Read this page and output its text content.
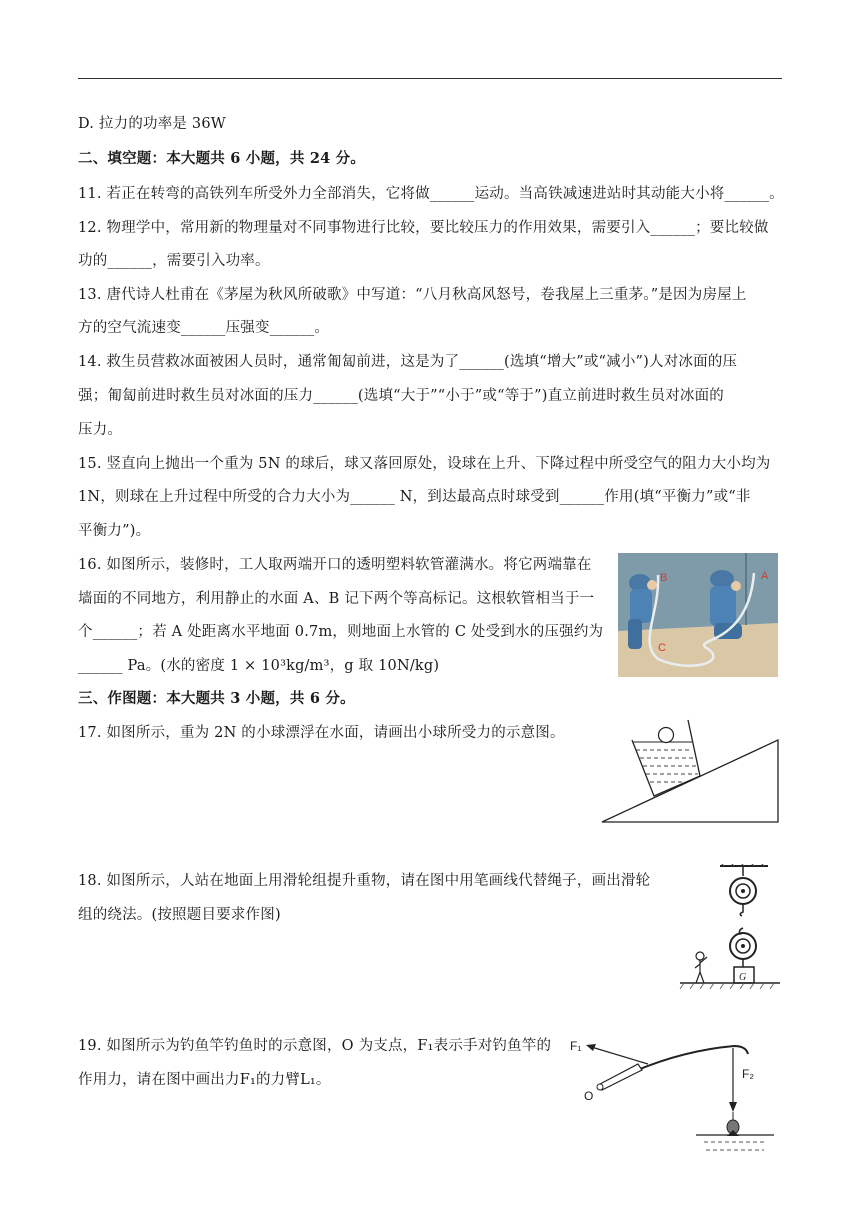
D. 拉力的功率是 36W
二、填空题：本大题共 6 小题，共 24 分。
11. 若正在转弯的高铁列车所受外力全部消失，它将做______运动。当高铁减速进站时其动能大小将______。
12. 物理学中，常用新的物理量对不同事物进行比较，要比较压力的作用效果，需要引入______；要比较做
功的______，需要引入功率。
13. 唐代诗人杜甫在《茅屋为秋风所破歌》中写道：“八月秋高风怒号，卷我屋上三重茅。”是因为房屋上
方的空气流速变______压强变______。
14. 救生员营救冰面被困人员时，通常匍匐前进，这是为了______(选填“增大”或“减小”)人对冰面的压
强；匍匐前进时救生员对冰面的压力______(选填“大于”“小于”或“等于”)直立前进时救生员对冰面的
压力。
15. 竖直向上抛出一个重为 5N 的球后，球又落回原处，设球在上升、下降过程中所受空气的阻力大小均为
1N，则球在上升过程中所受的合力大小为______ N，到达最高点时球受到______作用(填“平衡力”或“非
平衡力”)。
16. 如图所示，装修时，工人取两端开口的透明塑料软管灌满水。将它两端靠在
墙面的不同地方，利用静止的水面 A、B 记下两个等高标记。这根软管相当于一
个______；若 A 处距离水平地面 0.7m，则地面上水管的 C 处受到水的压强约为
______ Pa。(水的密度 1 × 10³kg/m³，g 取 10N/kg)
三、作图题：本大题共 3 小题，共 6 分。
17. 如图所示，重为 2N 的小球漂浮在水面，请画出小球所受力的示意图。
18. 如图所示，人站在地面上用滑轮组提升重物，请在图中用笔画线代替绳子，画出滑轮
组的绕法。(按照题目要求作图)
19. 如图所示为钓鱼竿钓鱼时的示意图，O 为支点，F₁表示手对钓鱼竿的
作用力，请在图中画出力F₁的力臂L₁。
B	A
C
G
F₁
O
F₂
